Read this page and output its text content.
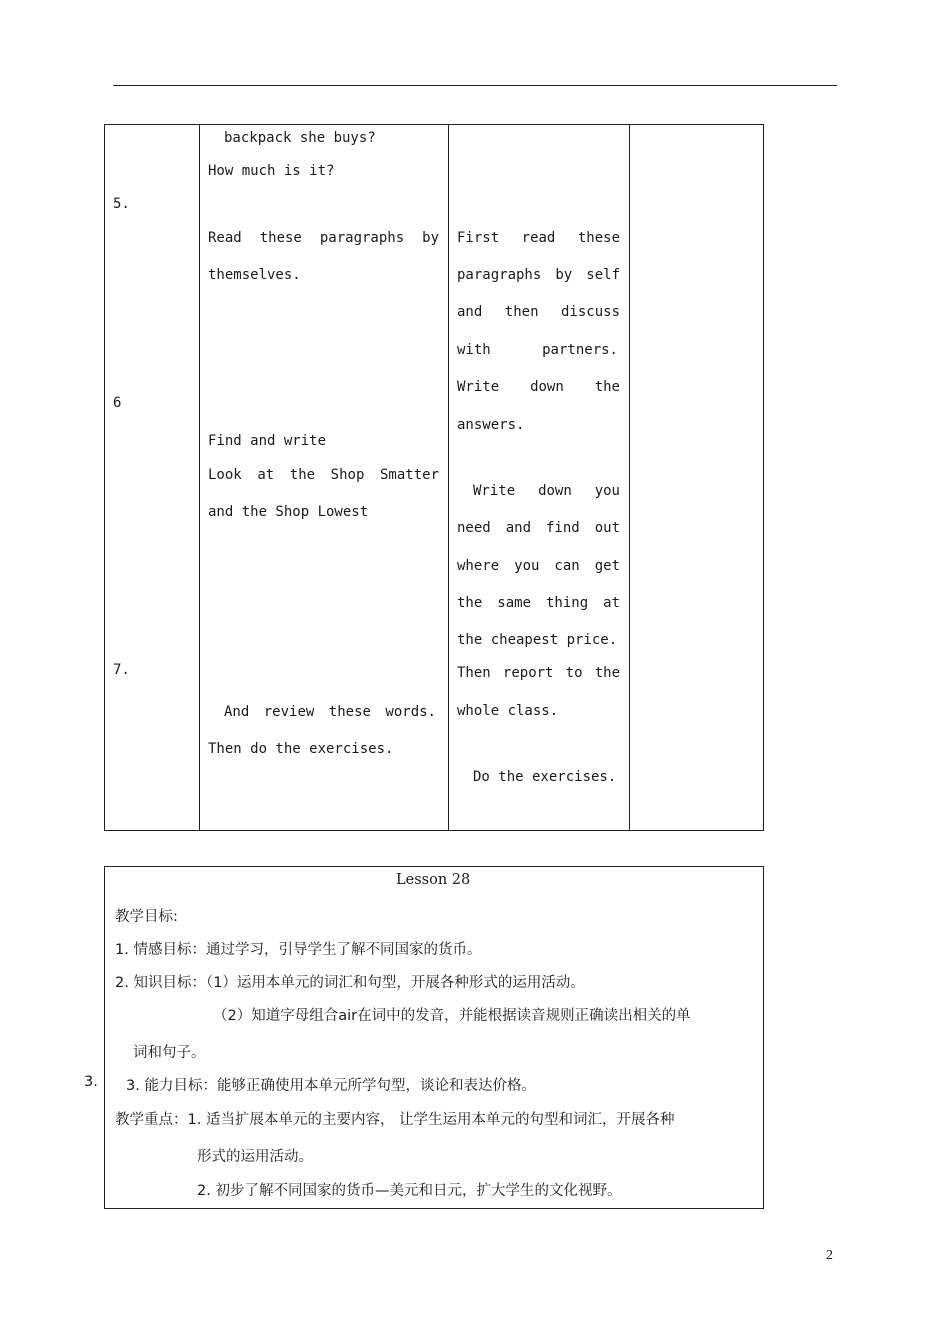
5.
6
7.
backpack she buys?
How much is it?
Read these paragraphs by
themselves.
Find and write
Look at the Shop Smatter
and the Shop Lowest
And review these words.
Then do the exercises.
First read these
paragraphs by self
and then discuss
with partners.
Write down the
answers.
Write down you
need and find out
where you can get
the same thing at
the cheapest price.
Then report to the
whole class.
Do the exercises.
Lesson 28
教学目标:
1. 情感目标：通过学习，引导学生了解不同国家的货币。
2. 知识目标：（1）运用本单元的词汇和句型，开展各种形式的运用活动。
（2）知道字母组合air在词中的发音，并能根据读音规则正确读出相关的单
词和句子。
3. 3. 能力目标：能够正确使用本单元所学句型，谈论和表达价格。
教学重点：1. 适当扩展本单元的主要内容， 让学生运用本单元的句型和词汇，开展各种
形式的运用活动。
2. 初步了解不同国家的货币—美元和日元，扩大学生的文化视野。
2
